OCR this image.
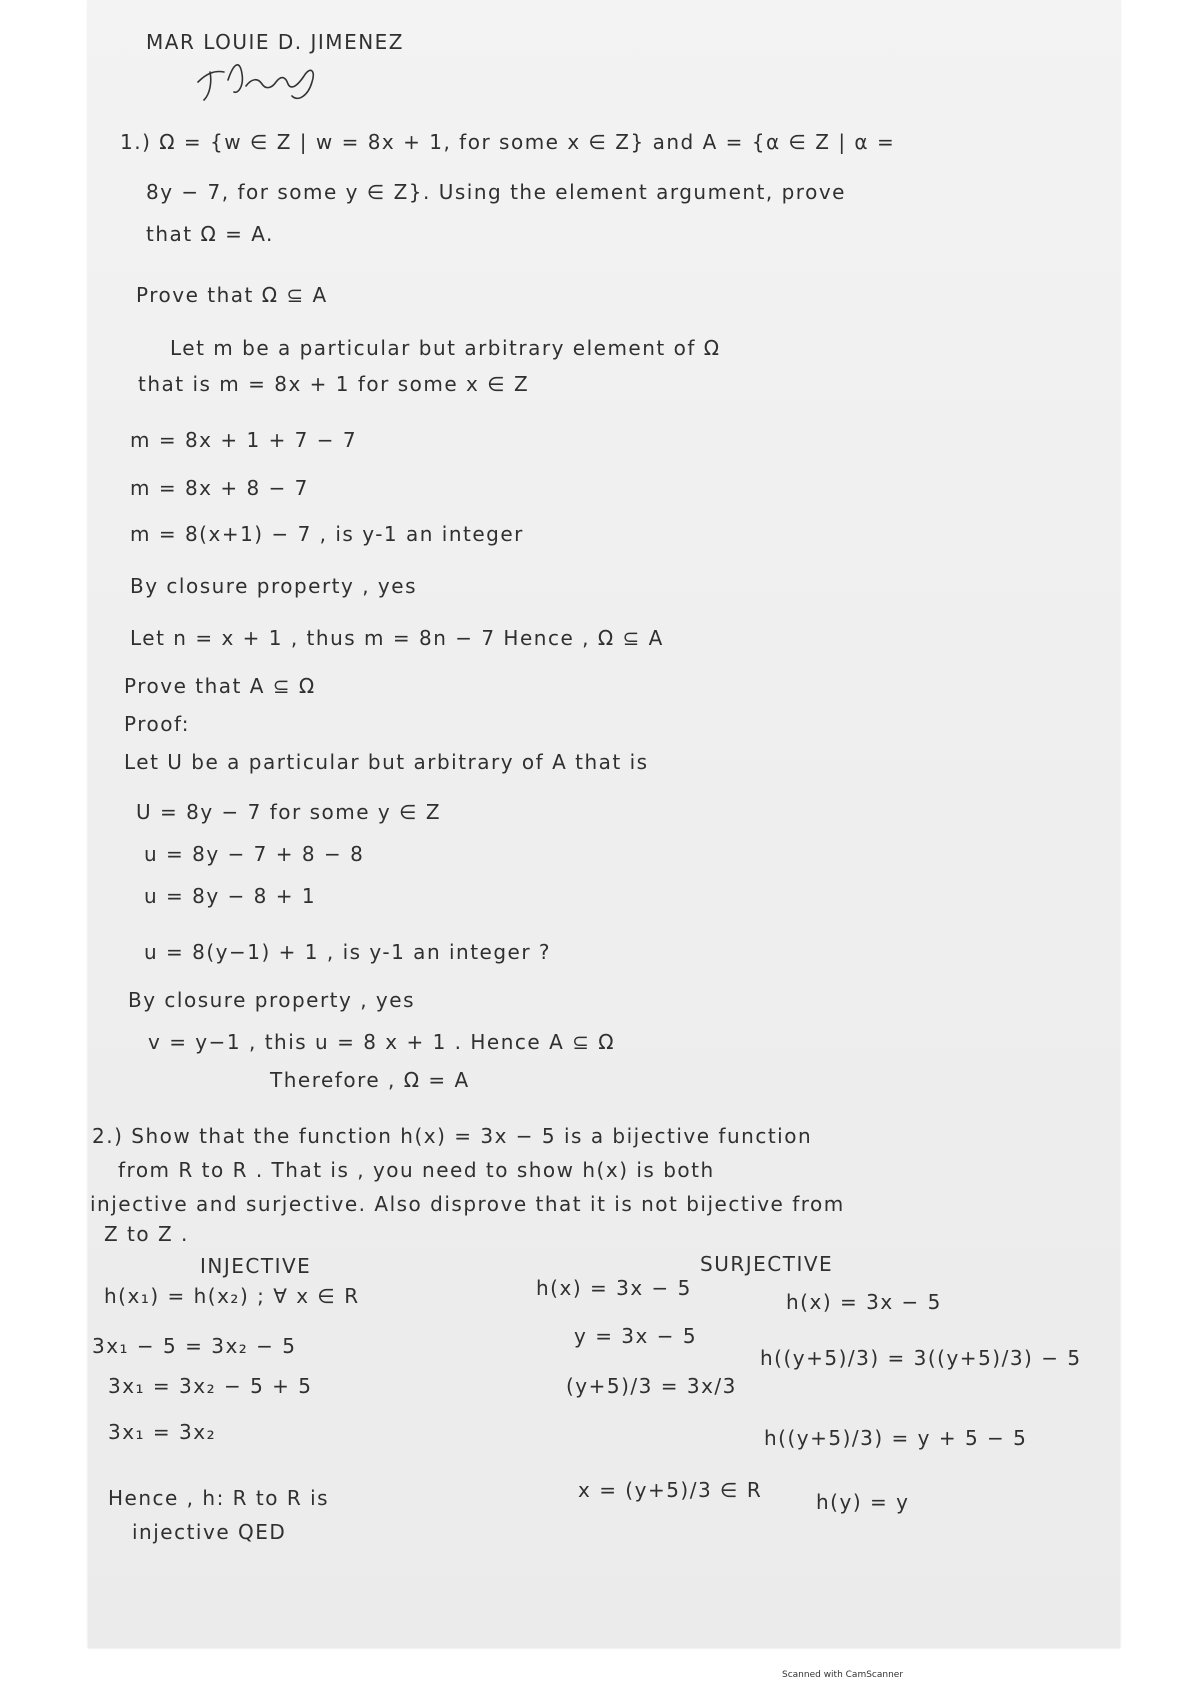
MAR LOUIE D. JIMENEZ
1.) Ω = {w ∈ Z | w = 8x + 1, for some x ∈ Z} and A = {α ∈ Z | α =
8y − 7, for some y ∈ Z}. Using the element argument, prove
that Ω = A.
Prove that Ω ⊆ A
Let m be a particular but arbitrary element of Ω
that is m = 8x + 1 for some x ∈ Z
m = 8x + 1 + 7 − 7
m = 8x + 8 − 7
m = 8(x+1) − 7 , is y-1 an integer
By closure property , yes
Let n = x + 1 , thus m = 8n − 7 Hence , Ω ⊆ A
Prove that A ⊆ Ω
Proof:
Let U be a particular but arbitrary of A that is
U = 8y − 7 for some y ∈ Z
u = 8y − 7 + 8 − 8
u = 8y − 8 + 1
u = 8(y−1) + 1 , is y-1 an integer ?
By closure property , yes
v = y−1 , this u = 8 x + 1 . Hence A ⊆ Ω
Therefore , Ω = A
2.) Show that the function h(x) = 3x − 5 is a bijective function
from R to R . That is , you need to show h(x) is both
injective and surjective. Also disprove that it is not bijective from
Z to Z .
INJECTIVE
h(x₁) = h(x₂) ; ∀ x ∈ R
3x₁ − 5 = 3x₂ − 5
3x₁ = 3x₂ − 5 + 5
3x₁ = 3x₂
Hence , h: R to R is
injective QED
SURJECTIVE
h(x) = 3x − 5
y = 3x − 5
(y+5)/3 = 3x/3
x = (y+5)/3 ∈ R
h(x) = 3x − 5
h((y+5)/3) = 3((y+5)/3) − 5
h((y+5)/3) = y + 5 − 5
h(y) = y
Scanned with CamScanner
